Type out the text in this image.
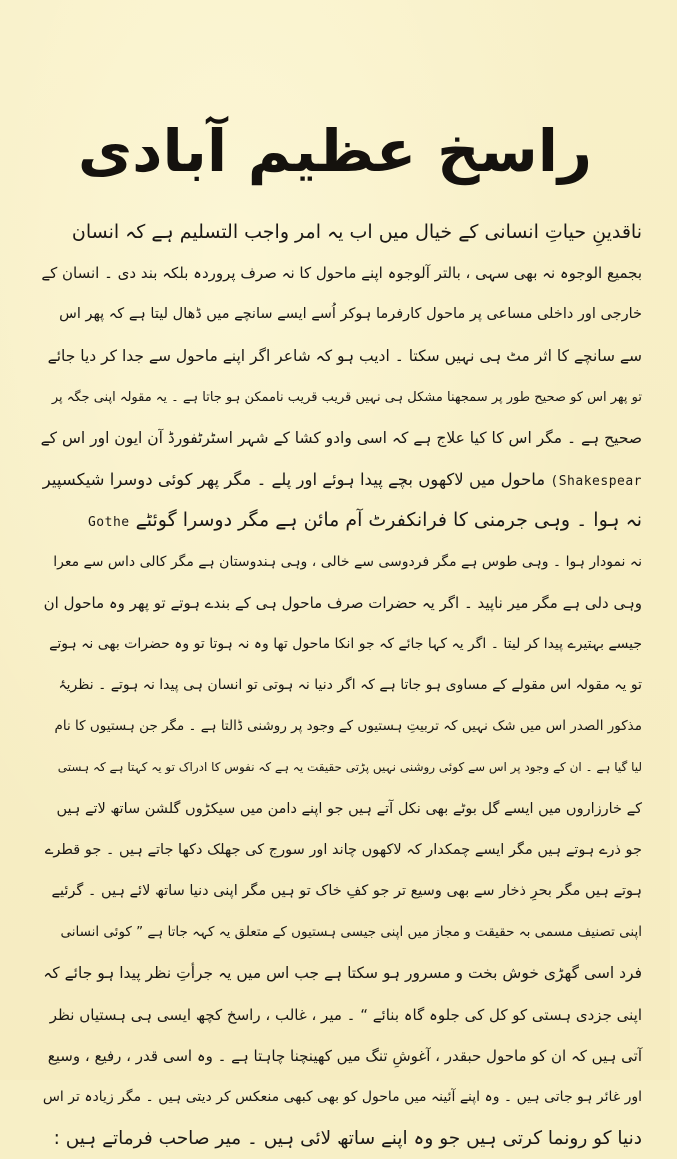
راسخ عظیم آبادی
ناقدینِ حیاتِ انسانی کے خیال میں اب یہ امر واجب التسلیم ہے کہ انسان
بجمیع الوجوہ نہ بھی سہی ، بالتر آلوجوہ اپنے ماحول کا نہ صرف پروردہ بلکہ بند دی ۔ انسان کے
خارجی اور داخلی مساعی پر ماحول کارفرما ہوکر اُسے ایسے سانچے میں ڈھال لیتا ہے کہ پھر اس
سے سانچے کا اثر مٹ ہی نہیں سکتا ۔ ادیب ہو کہ شاعر اگر اپنے ماحول سے جدا کر دیا جائے
تو پھر اس کو صحیح طور پر سمجھنا مشکل ہی نہیں قریب قریب ناممکن ہو جاتا ہے ۔ یہ مقولہ اپنی جگہ پر
صحیح ہے ۔ مگر اس کا کیا علاج ہے کہ اسی وادو کشا کے شہر اسٹرٹفورڈ آن ایون اور اس کے
(Shakespear ماحول میں لاکھوں بچے پیدا ہوئے اور پلے ۔ مگر پھر کوئی دوسرا شیکسپیر
نہ ہوا ۔ وہی جرمنی کا فرانکفرٹ آم مائن ہے مگر دوسرا گوئٹے Gothe
نہ نمودار ہوا ۔ وہی طوس ہے مگر فردوسی سے خالی ، وہی ہندوستان ہے مگر کالی داس سے معرا
وہی دلی ہے مگر میر ناپید ۔ اگر یہ حضرات صرف ماحول ہی کے بندے ہوتے تو پھر وہ ماحول ان
جیسے بہتیرے پیدا کر لیتا ۔ اگر یہ کہا جائے کہ جو انکا ماحول تھا وہ نہ ہوتا تو وہ حضرات بھی نہ ہوتے
تو یہ مقولہ اس مقولے کے مساوی ہو جاتا ہے کہ اگر دنیا نہ ہوتی تو انسان ہی پیدا نہ ہوتے ۔ نظریۂ
مذکور الصدر اس میں شک نہیں کہ تربیتِ ہستیوں کے وجود پر روشنی ڈالتا ہے ۔ مگر جن ہستیوں کا نام
لیا گیا ہے ۔ ان کے وجود پر اس سے کوئی روشنی نہیں پڑتی حقیقت یہ ہے کہ نفوس کا ادراک تو یہ کہتا ہے کہ ہستی
کے خارزاروں میں ایسے گل بوٹے بھی نکل آتے ہیں جو اپنے دامن میں سیکڑوں گلشن ساتھ لاتے ہیں
جو ذرے ہوتے ہیں مگر ایسے چمکدار کہ لاکھوں چاند اور سورج کی جھلک دکھا جاتے ہیں ۔ جو قطرے
ہوتے ہیں مگر بحرِ ذخار سے بھی وسیع تر جو کفِ خاک تو ہیں مگر اپنی دنیا ساتھ لائے ہیں ۔ گرئیے
اپنی تصنیف مسمی بہ حقیقت و مجاز میں اپنی جیسی ہستیوں کے متعلق یہ کہہ جاتا ہے ” کوئی انسانی
فرد اسی گھڑی خوش بخت و مسرور ہو سکتا ہے جب اس میں یہ جرأتِ نظر پیدا ہو جائے کہ
اپنی جزدی ہستی کو کل کی جلوہ گاہ بنائے “ ۔ میر ، غالب ، راسخ کچھ ایسی ہی ہستیاں نظر
آتی ہیں کہ ان کو ماحول حبقدر ، آغوشِ تنگ میں کھینچنا چاہتا ہے ۔ وہ اسی قدر ، رفیع ، وسیع
اور غائر ہو جاتی ہیں ۔ وہ اپنے آئینہ میں ماحول کو بھی کبھی منعکس کر دیتی ہیں ۔ مگر زیادہ تر اس
دنیا کو رونما کرتی ہیں جو وہ اپنے ساتھ لائی ہیں ۔ میر صاحب فرماتے ہیں :
